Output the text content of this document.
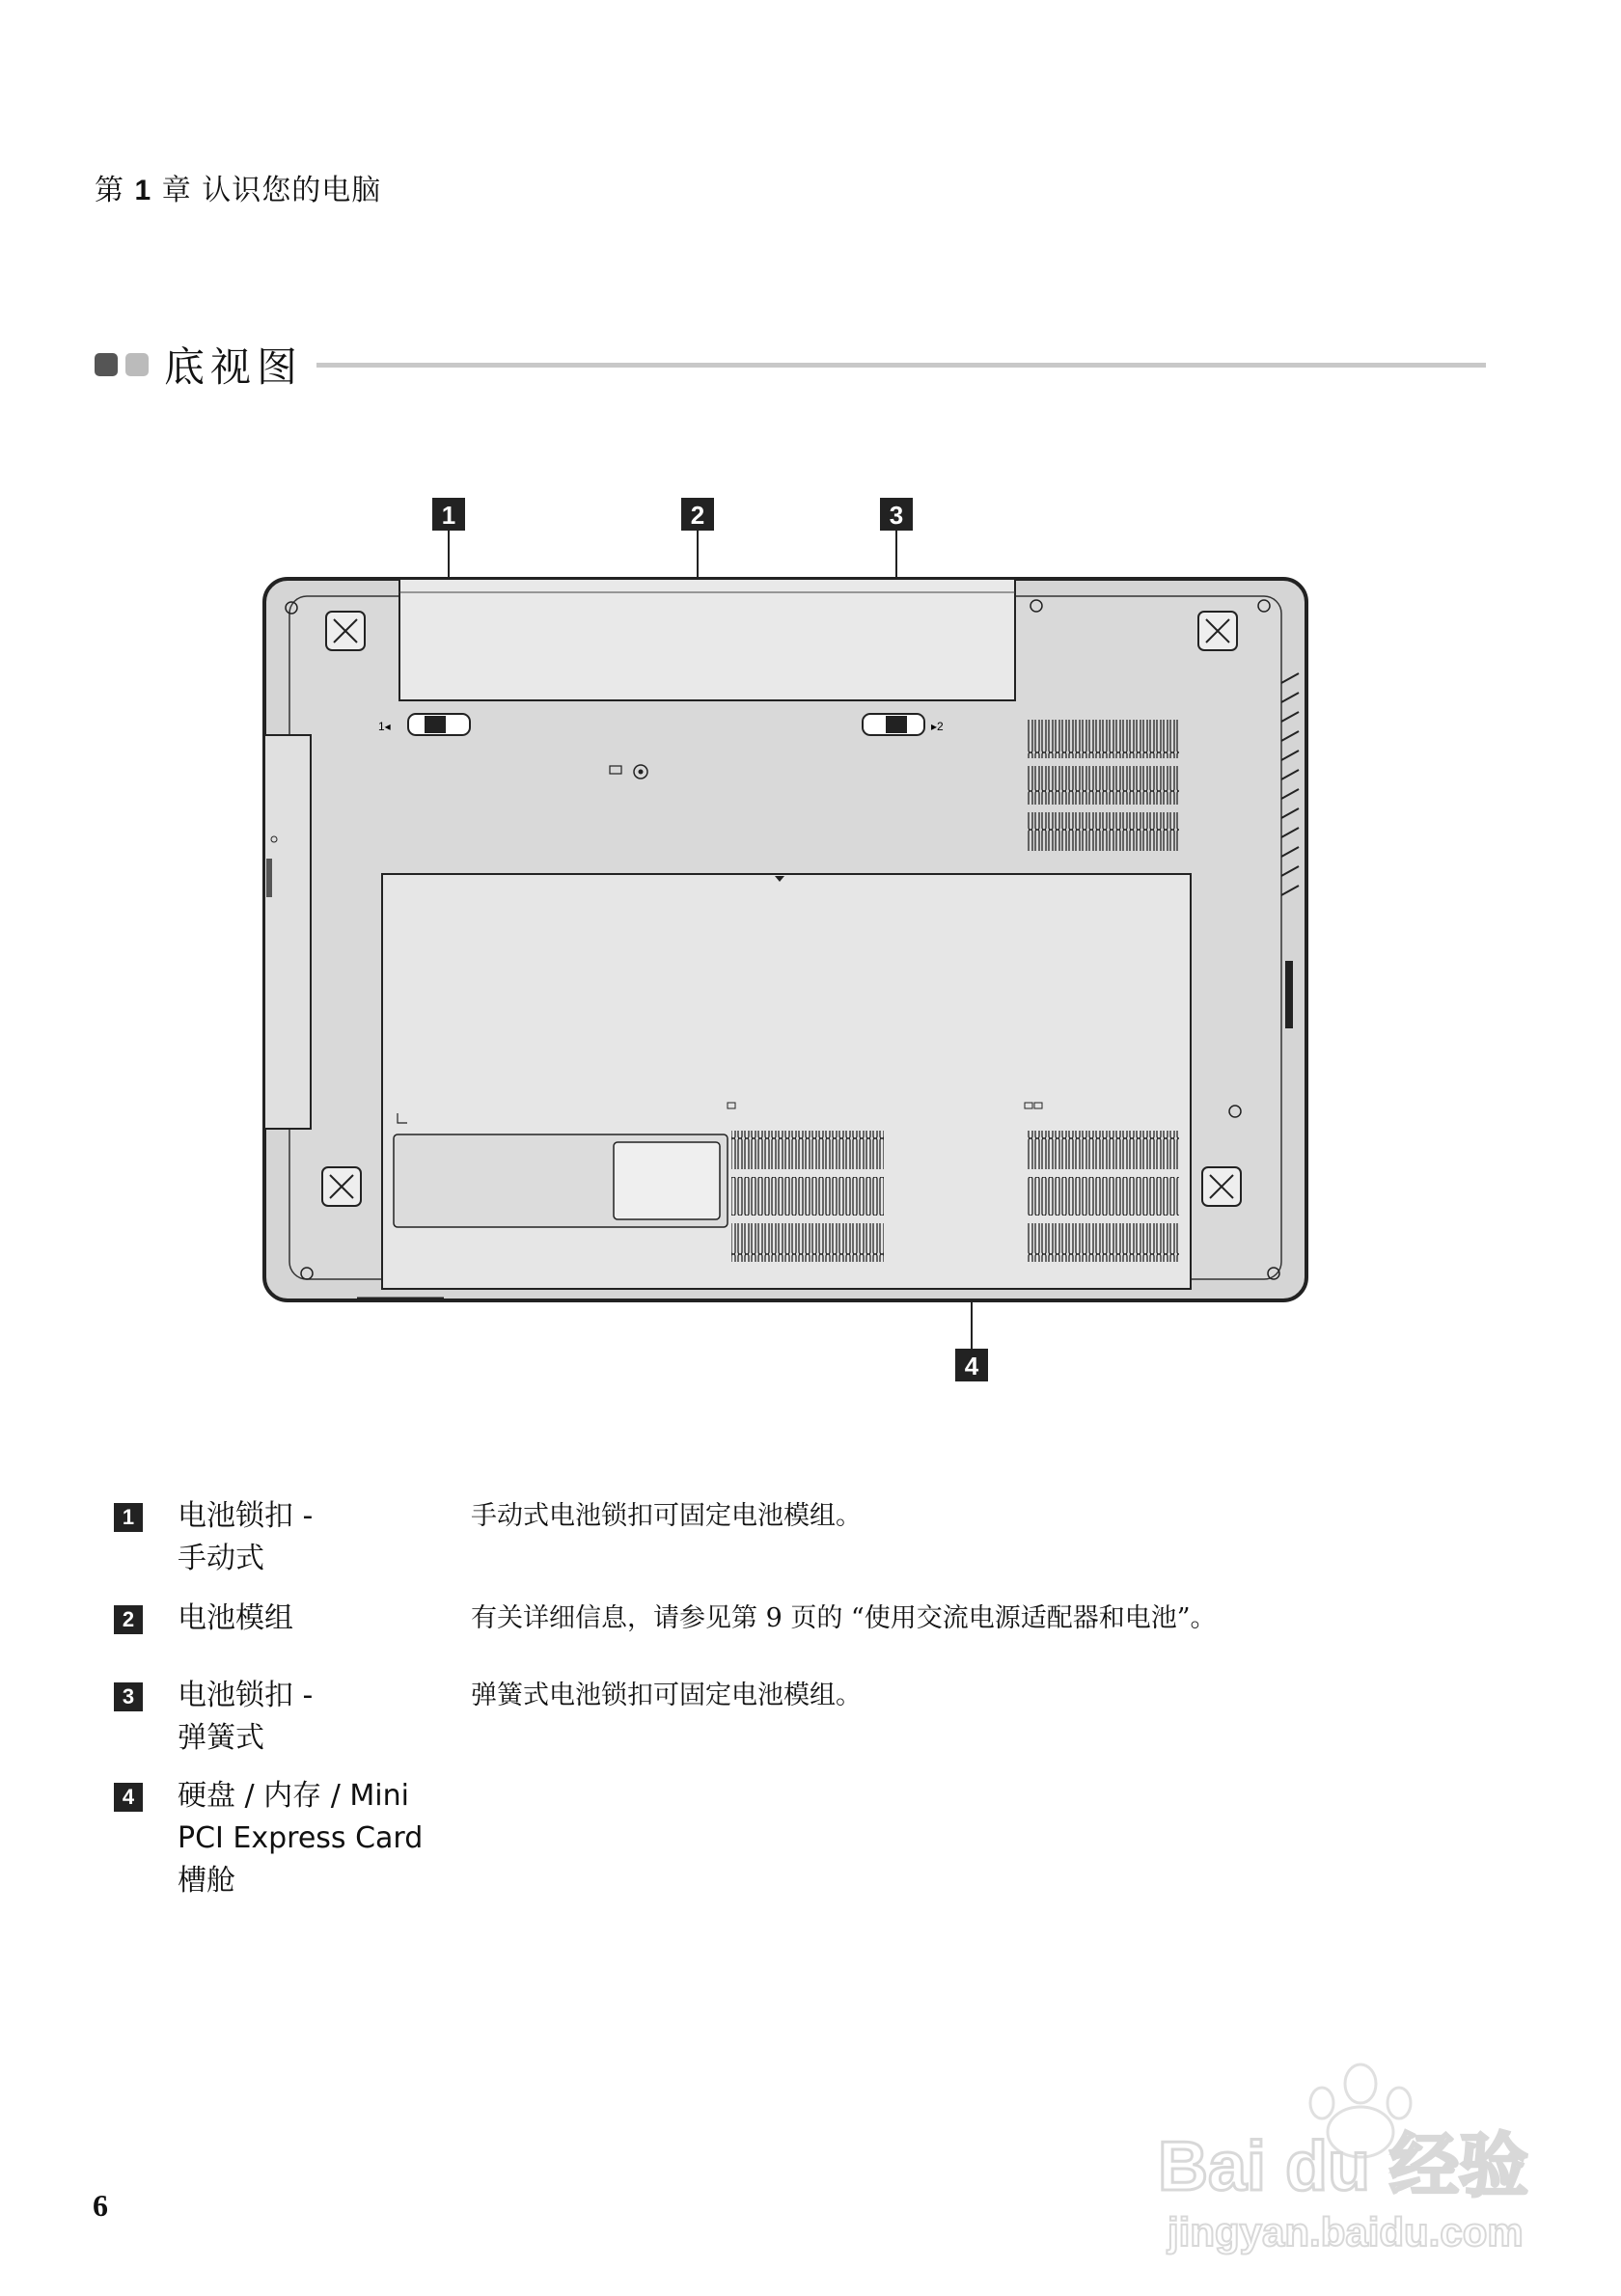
第 1 章 认识您的电脑
底视图
1	2	3
4
1◂	▸2
1 电池锁扣 -
手动式
手动式电池锁扣可固定电池模组。
2 电池模组	有关详细信息，请参见第 9 页的 “使用交流电源适配器和电池”。
3 电池锁扣 -
弹簧式
弹簧式电池锁扣可固定电池模组。
4 硬盘 / 内存 / Mini
PCI Express Card
槽舱
6	Bai du 经验
jingyan.baidu.com
